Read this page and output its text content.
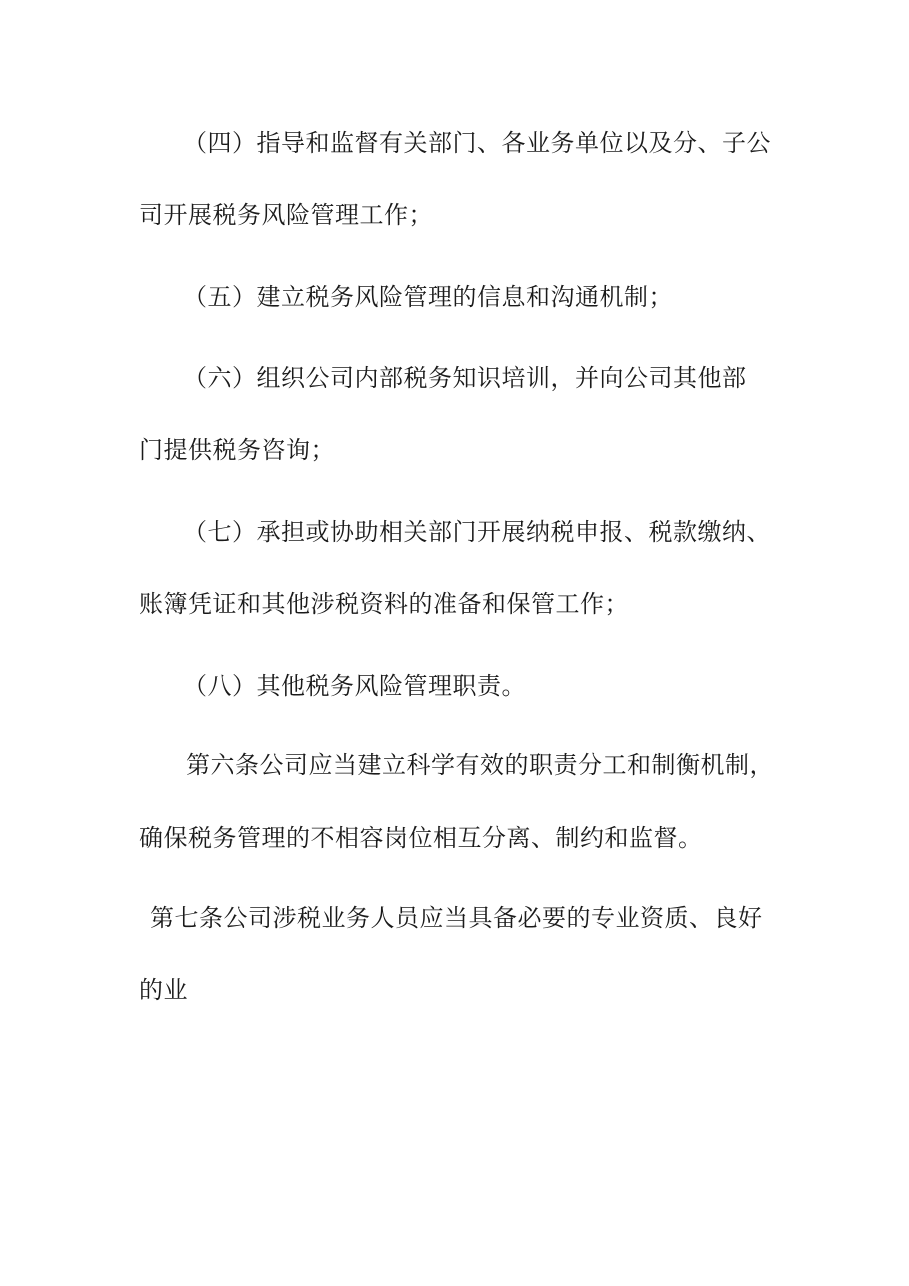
（四）指导和监督有关部门、各业务单位以及分、子公
司开展税务风险管理工作；
（五）建立税务风险管理的信息和沟通机制；
（六）组织公司内部税务知识培训，并向公司其他部
门提供税务咨询；
（七）承担或协助相关部门开展纳税申报、税款缴纳、
账簿凭证和其他涉税资料的准备和保管工作；
（八）其他税务风险管理职责。
第六条公司应当建立科学有效的职责分工和制衡机制，
确保税务管理的不相容岗位相互分离、制约和监督。
第七条公司涉税业务人员应当具备必要的专业资质、良好
的业
